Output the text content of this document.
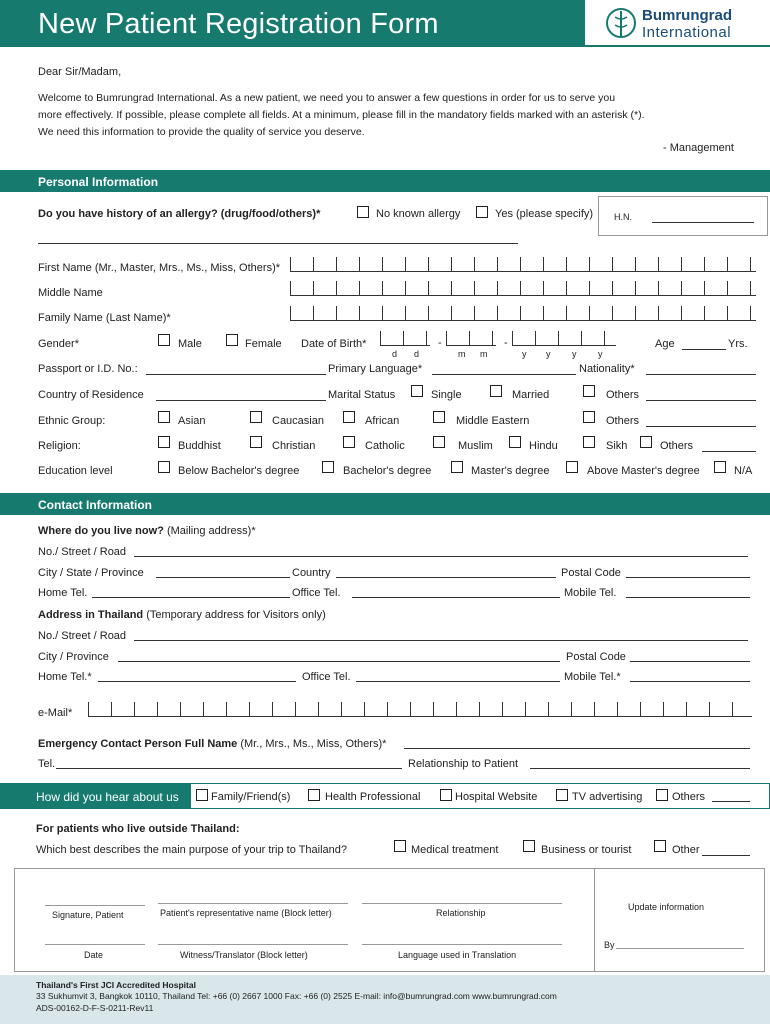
New Patient Registration Form	Bumrungrad
International
Dear Sir/Madam,
Welcome to Bumrungrad International. As a new patient, we need you to answer a few questions in order for us to serve you
more effectively. If possible, please complete all fields. At a minimum, please fill in the mandatory fields marked with an asterisk (*).
We need this information to provide the quality of service you deserve.
- Management
Personal Information
Do you have history of an allergy? (drug/food/others)*	No known allergy	Yes (please specify) H.N.
First Name (Mr., Master, Mrs., Ms., Miss, Others)*
Middle Name
Family Name (Last Name)*
Gender*	Male	Female Date of Birth*	-	-
d d	m m	y y y y
Age	Yrs.
Passport or I.D. No.:	Primary Language*	Nationality*
Country of Residence	Marital Status	Single	Married	Others
Ethnic Group:	Asian	Caucasian	African	Middle Eastern	Others
Religion:	Buddhist	Christian	Catholic	Muslim	Hindu	Sikh	Others
Education level	Below Bachelor's degree	Bachelor's degree	Master's degree	Above Master's degree	N/A
Contact Information
Where do you live now? (Mailing address)*
No./ Street / Road
City / State / Province	Country	Postal Code
Home Tel.	Office Tel.	Mobile Tel.
Address in Thailand (Temporary address for Visitors only)
No./ Street / Road
City / Province	Postal Code
Home Tel.*	Office Tel.	Mobile Tel.*
e-Mail*
Emergency Contact Person Full Name (Mr., Mrs., Ms., Miss, Others)*
Tel.	Relationship to Patient
How did you hear about us	Family/Friend(s)	Health Professional	Hospital Website	TV advertising	Others
For patients who live outside Thailand:
Which best describes the main purpose of your trip to Thailand?	Medical treatment	Business or tourist	Other
Signature, Patient	Patient's representative name (Block letter)	Relationship
Update information
Date	Witness/Translator (Block letter)	Language used in Translation
By
Thailand's First JCI Accredited Hospital
33 Sukhumvit 3, Bangkok 10110, Thailand Tel: +66 (0) 2667 1000 Fax: +66 (0) 2525 E-mail: info@bumrungrad.com www.bumrungrad.com
ADS-00162-D-F-S-0211-Rev11
